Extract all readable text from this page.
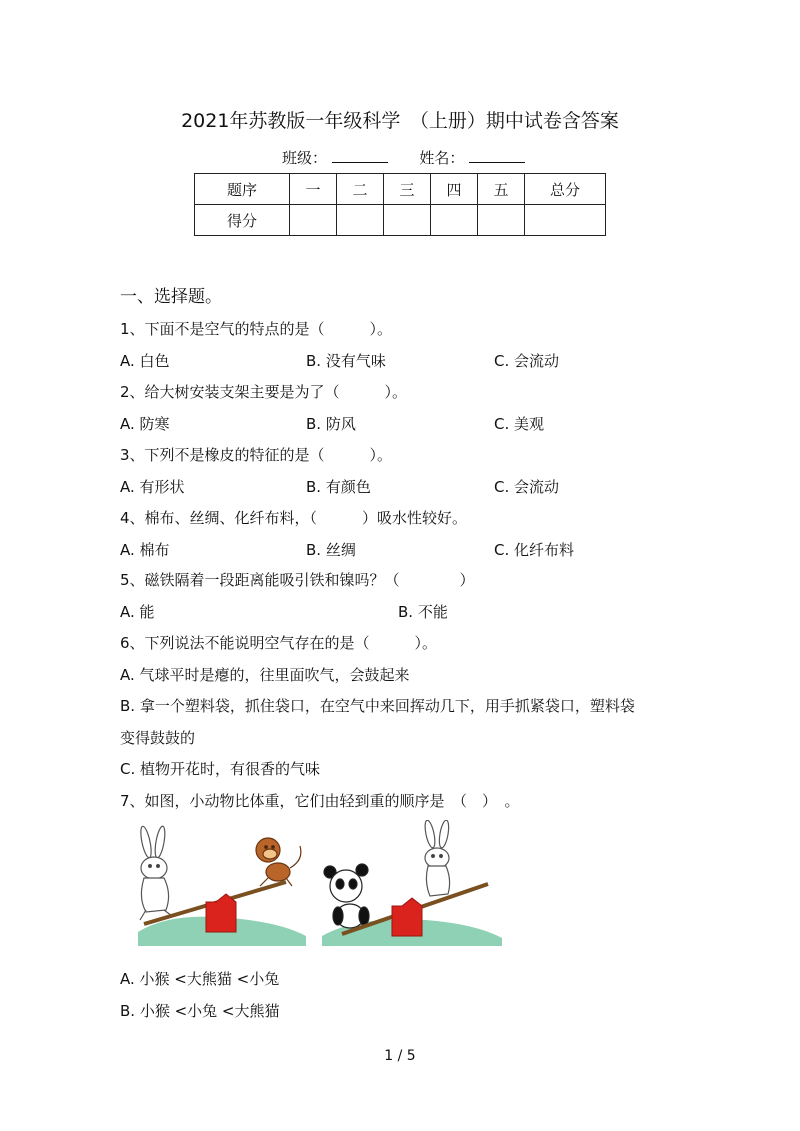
2021年苏教版一年级科学　（上册）期中试卷含答案
班级：	姓名：
题序	一	二	三	四	五	总分
得分						
一、选择题。
1、下面不是空气的特点的是（　　　）。
A. 白色	B. 没有气味	C. 会流动
2、给大树安装支架主要是为了（　　　）。
A. 防寒	B. 防风	C. 美观
3、下列不是橡皮的特征的是（　　　）。
A. 有形状	B. 有颜色	C. 会流动
4、棉布、丝绸、化纤布料，（　　　）吸水性较好。
A. 棉布	B. 丝绸	C. 化纤布料
5、磁铁隔着一段距离能吸引铁和镍吗？（　　　　）
A. 能	B. 不能
6、下列说法不能说明空气存在的是（　　　）。
A. 气球平时是瘪的，往里面吹气，会鼓起来
B. 拿一个塑料袋，抓住袋口，在空气中来回挥动几下，用手抓紧袋口，塑料袋
变得鼓鼓的
C. 植物开花时，有很香的气味
7、如图，小动物比体重，它们由轻到重的顺序是　（　）　。
A. 小猴 <大熊猫 <小兔
B. 小猴 <小兔 <大熊猫
1 / 5
